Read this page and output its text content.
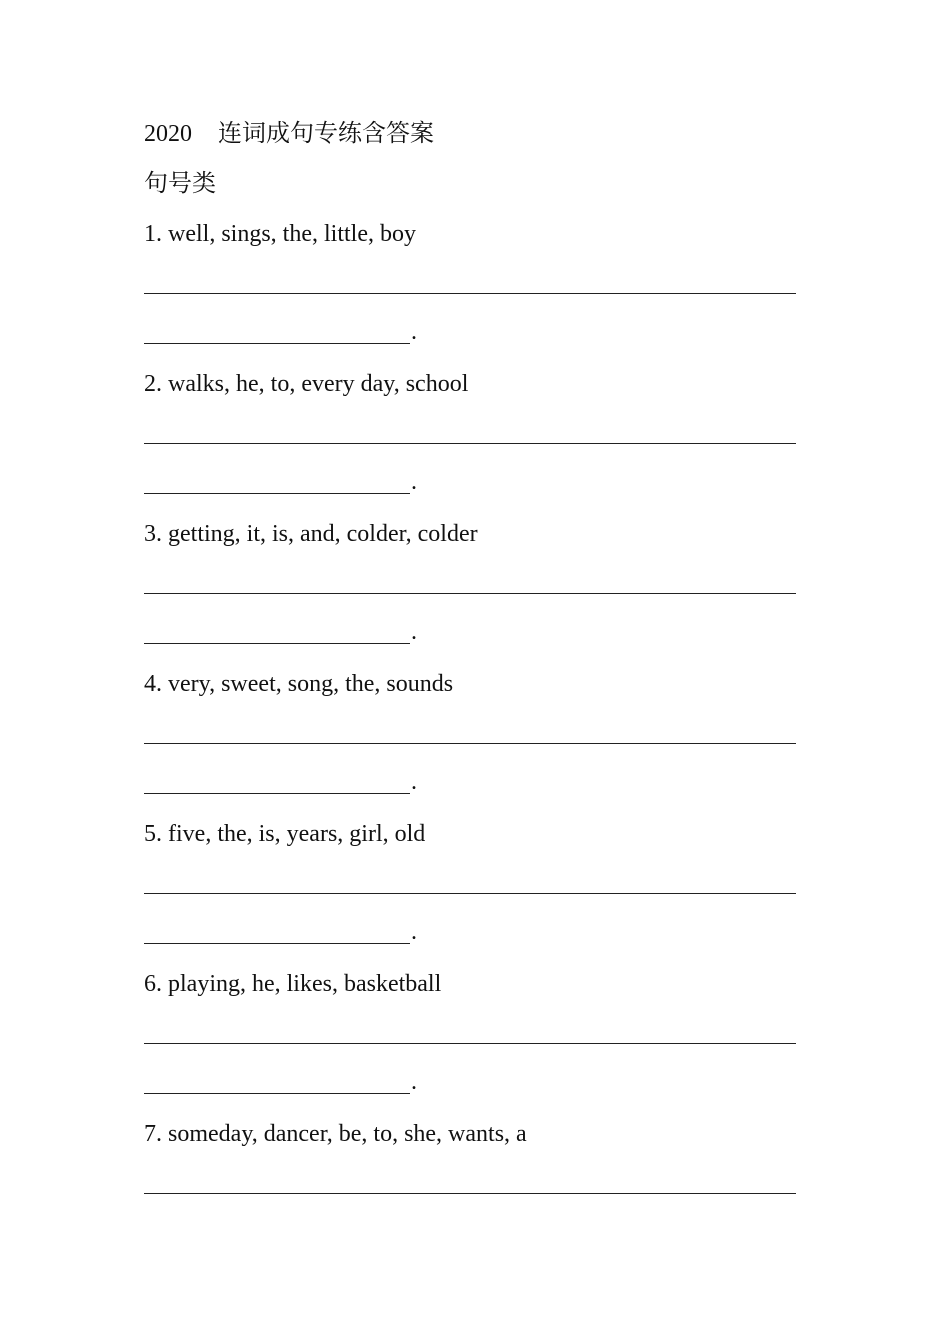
2020 连词成句专练含答案
句号类
1. well, sings, the, little, boy
.
2. walks, he, to, every day, school
.
3. getting, it, is, and, colder, colder
.
4. very, sweet, song, the, sounds
.
5. five, the, is, years, girl, old
.
6. playing, he, likes, basketball
.
7. someday, dancer, be, to, she, wants, a
